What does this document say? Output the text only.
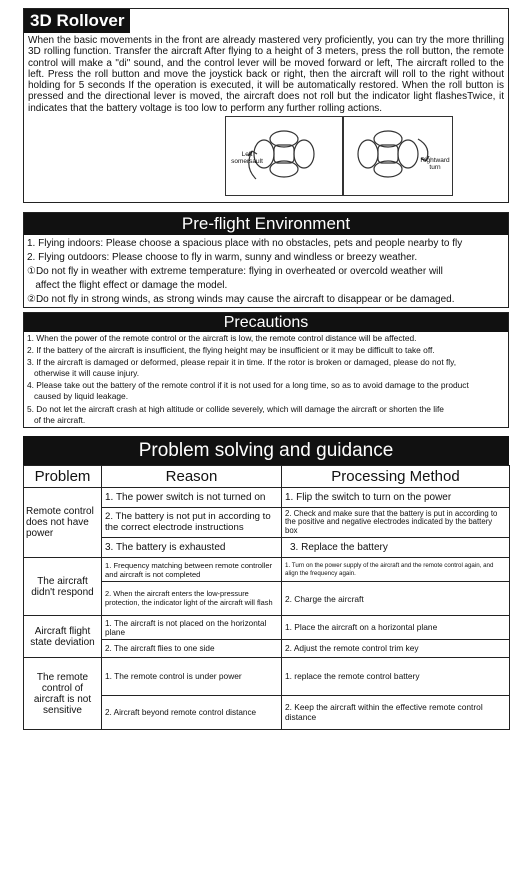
3D Rollover
When the basic movements in the front are already mastered very proficiently, you can try the more thrilling 3D rolling function. Transfer the aircraft After flying to a height of 3 meters, press the roll button, the remote control will make a "di" sound, and the control lever will be moved forward or left, The aircraft rolled to the left. Press the roll button and move the joystick back or right, then the aircraft will roll to the right without holding for 5 seconds If the operation is executed, it will be automatically restored. When the roll button is pressed and the directional lever is moved, the aircraft does not roll but the indicator light flashesTwice, it indicates that the battery voltage is too low to perform any further rolling actions.
Left somersault	Rightward turn
Pre-flight Environment
1. Flying indoors: Please choose a spacious place with no obstacles, pets and people nearby to fly
2. Flying outdoors: Please choose to fly in warm, sunny and windless or breezy weather.
①Do not fly in weather with extreme temperature: flying in overheated or overcold weather will
affect the flight effect or damage the model.
②Do not fly in strong winds, as strong winds may cause the aircraft to disappear or be damaged.
Precautions
1. When the power of the remote control or the aircraft is low, the remote control distance will be affected.
2. If the battery of the aircraft is insufficient, the flying height may be insufficient or it may be difficult to take off.
3. If the aircraft is damaged or deformed, please repair it in time. If the rotor is broken or damaged, please do not fly,
otherwise it will cause injury.
4. Please take out the battery of the remote control if it is not used for a long time, so as to avoid damage to the product
caused by liquid leakage.
5. Do not let the aircraft crash at high altitude or collide severely, which will damage the aircraft or shorten the life
of the aircraft.
Problem solving and guidance
Problem	Reason	Processing Method
Remote control does not have power	1. The power switch is not turned on	1. Flip the switch to turn on the power
	2. The battery is not put in according to the correct electrode instructions	2. Check and make sure that the battery is put in according to the positive and negative electrodes indicated by the battery box
	3. The battery is exhausted	3. Replace the battery
The aircraft didn't respond	1. Frequency matching between remote controller and aircraft is not completed	1. Turn on the power supply of the aircraft and the remote control again, and align the frequency again.
	2. When the aircraft enters the low-pressure protection, the indicator light of the aircraft will flash	2. Charge the aircraft
Aircraft flight state deviation	1. The aircraft is not placed on the horizontal plane	1. Place the aircraft on a horizontal plane
	2. The aircraft flies to one side	2. Adjust the remote control trim key
The remote control of aircraft is not sensitive	1. The remote control is under power	1. replace the remote control battery
	2. Aircraft beyond remote control distance	2. Keep the aircraft within the effective remote control distance
